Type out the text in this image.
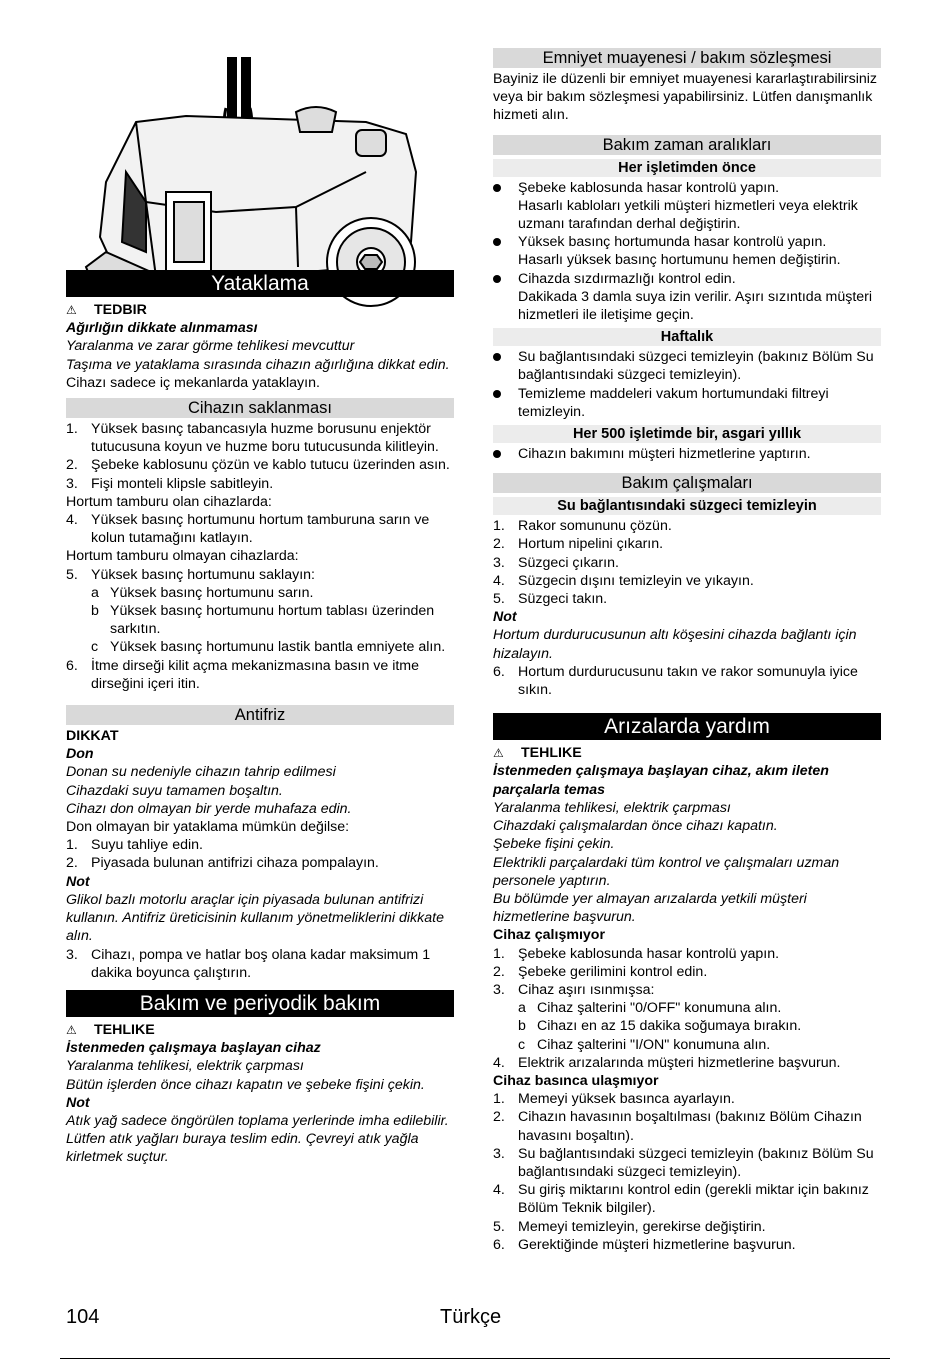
Yataklama
⚠ TEDBIR

Ağırlığın dikkate alınmaması

Yaralanma ve zarar görme tehlikesi mevcuttur

Taşıma ve yataklama sırasında cihazın ağırlığına dikkat edin.

Cihazı sadece iç mekanlarda yataklayın.

Cihazın saklanması
1. Yüksek basınç tabancasıyla huzme borusunu enjektör tutucusuna koyun ve huzme boru tutucusunda kilitleyin.
2. Şebeke kablosunu çözün ve kablo tutucu üzerinden asın.
3. Fişi monteli klipsle sabitleyin.

Hortum tamburu olan cihazlarda:

4. Yüksek basınç hortumunu hortum tamburuna sarın ve kolun tutamağını katlayın.

Hortum tamburu olmayan cihazlarda:

5. Yüksek basınç hortumunu saklayın:
a Yüksek basınç hortumunu sarın.
b Yüksek basınç hortumunu hortum tablası üzerinden sarkıtın.
c Yüksek basınç hortumunu lastik bantla emniyete alın.
6. İtme dirseği kilit açma mekanizmasına basın ve itme dirseğini içeri itin.
Antifriz

DIKKAT

Don

Donan su nedeniyle cihazın tahrip edilmesi

Cihazdaki suyu tamamen boşaltın.

Cihazı don olmayan bir yerde muhafaza edin.

Don olmayan bir yataklama mümkün değilse:

1. Suyu tahliye edin.
2. Piyasada bulunan antifrizi cihaza pompalayın.

Not

Glikol bazlı motorlu araçlar için piyasada bulunan antifrizi kullanın. Antifriz üreticisinin kullanım yönetmeliklerini dikkate alın.

3. Cihazı, pompa ve hatlar boş olana kadar maksimum 1 dakika boyunca çalıştırın.
Bakım ve periyodik bakım
⚠ TEHLIKE

İstenmeden çalışmaya başlayan cihaz

Yaralanma tehlikesi, elektrik çarpması

Bütün işlerden önce cihazı kapatın ve şebeke fişini çekin.

Not

Atık yağ sadece öngörülen toplama yerlerinde imha edilebilir. Lütfen atık yağları buraya teslim edin. Çevreyi atık yağla kirletmek suçtur.

Emniyet muayenesi / bakım sözleşmesi

Bayiniz ile düzenli bir emniyet muayenesi kararlaştırabilirsiniz veya bir bakım sözleşmesi yapabilirsiniz. Lütfen danışmanlık hizmeti alın.

Bakım zaman aralıkları
Her işletimden önce
Şebeke kablosunda hasar kontrolü yapın.
Hasarlı kabloları yetkili müşteri hizmetleri veya elektrik uzmanı tarafından derhal değiştirin.
Yüksek basınç hortumunda hasar kontrolü yapın.
Hasarlı yüksek basınç hortumunu hemen değiştirin.
Cihazda sızdırmazlığı kontrol edin.
Dakikada 3 damla suya izin verilir. Aşırı sızıntıda müşteri hizmetleri ile iletişime geçin.
Haftalık
Su bağlantısındaki süzgeci temizleyin (bakınız Bölüm Su bağlantısındaki süzgeci temizleyin).
Temizleme maddeleri vakum hortumundaki filtreyi temizleyin.
Her 500 işletimde bir, asgari yıllık
Cihazın bakımını müşteri hizmetlerine yaptırın.
Bakım çalışmaları
Su bağlantısındaki süzgeci temizleyin
1. Rakor somununu çözün.
2. Hortum nipelini çıkarın.
3. Süzgeci çıkarın.
4. Süzgecin dışını temizleyin ve yıkayın.
5. Süzgeci takın.

Not

Hortum durdurucusunun altı köşesini cihazda bağlantı için hizalayın.

6. Hortum durdurucusunu takın ve rakor somunuyla iyice sıkın.
Arızalarda yardım
⚠ TEHLIKE

İstenmeden çalışmaya başlayan cihaz, akım ileten parçalarla temas

Yaralanma tehlikesi, elektrik çarpması

Cihazdaki çalışmalardan önce cihazı kapatın.

Şebeke fişini çekin.

Elektrikli parçalardaki tüm kontrol ve çalışmaları uzman personele yaptırın.

Bu bölümde yer almayan arızalarda yetkili müşteri hizmetlerine başvurun.

Cihaz çalışmıyor

1. Şebeke kablosunda hasar kontrolü yapın.
2. Şebeke gerilimini kontrol edin.
3. Cihaz aşırı ısınmışsa:
a Cihaz şalterini "0/OFF" konumuna alın.
b Cihazı en az 15 dakika soğumaya bırakın.
c Cihaz şalterini "I/ON" konumuna alın.
4. Elektrik arızalarında müşteri hizmetlerine başvurun.

Cihaz basınca ulaşmıyor

1. Memeyi yüksek basınca ayarlayın.
2. Cihazın havasının boşaltılması (bakınız Bölüm Cihazın havasını boşaltın).
3. Su bağlantısındaki süzgeci temizleyin (bakınız Bölüm Su bağlantısındaki süzgeci temizleyin).
4. Su giriş miktarını kontrol edin (gerekli miktar için bakınız Bölüm Teknik bilgiler).
5. Memeyi temizleyin, gerekirse değiştirin.
6. Gerektiğinde müşteri hizmetlerine başvurun.
104	Türkçe
